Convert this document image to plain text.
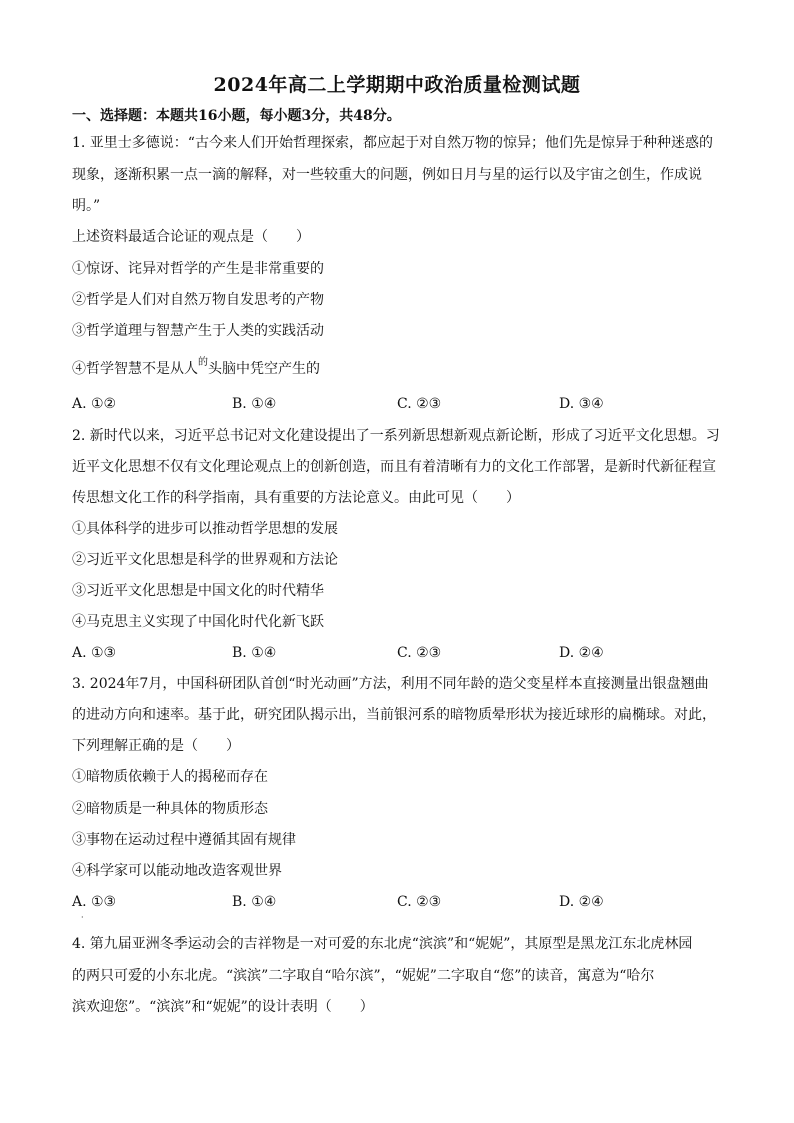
2024年高二上学期期中政治质量检测试题
一、选择题：本题共16小题，每小题3分，共48分。
1. 亚里士多德说：“古今来人们开始哲理探索，都应起于对自然万物的惊异；他们先是惊异于种种迷惑的
现象，逐渐积累一点一滴的解释，对一些较重大的问题，例如日月与星的运行以及宇宙之创生，作成说
明。”
上述资料最适合论证的观点是（　　）
①惊讶、诧异对哲学的产生是非常重要的
②哲学是人们对自然万物自发思考的产物
③哲学道理与智慧产生于人类的实践活动
④哲学智慧不是从人$^的$头脑中凭空产生的
A. ①②	B. ①④	C. ②③	D. ③④
2. 新时代以来，习近平总书记对文化建设提出了一系列新思想新观点新论断，形成了习近平文化思想。习
近平文化思想不仅有文化理论观点上的创新创造，而且有着清晰有力的文化工作部署，是新时代新征程宣
传思想文化工作的科学指南，具有重要的方法论意义。由此可见（　　）
①具体科学的进步可以推动哲学思想的发展
②习近平文化思想是科学的世界观和方法论
③习近平文化思想是中国文化的时代精华
④马克思主义实现了中国化时代化新飞跃
A. ①③	B. ①④	C. ②③	D. ②④
3. 2024年7月，中国科研团队首创“时光动画”方法，利用不同年龄的造父变星样本直接测量出银盘翘曲
的进动方向和速率。基于此，研究团队揭示出，当前银河系的暗物质晕形状为接近球形的扁椭球。对此，
下列理解正确的是（　　）
①暗物质依赖于人的揭秘而存在
②暗物质是一种具体的物质形态
③事物在运动过程中遵循其固有规律
④科学家可以能动地改造客观世界
A. ①③	B. ①④	C. ②③	D. ②④
·
4. 第九届亚洲冬季运动会的吉祥物是一对可爱的东北虎“滨滨”和“妮妮”，其原型是黑龙江东北虎林园
的两只可爱的小东北虎。“滨滨”二字取自“哈尔滨”，“妮妮”二字取自“您”的读音，寓意为“哈尔
滨欢迎您”。“滨滨”和“妮妮”的设计表明（　　）
